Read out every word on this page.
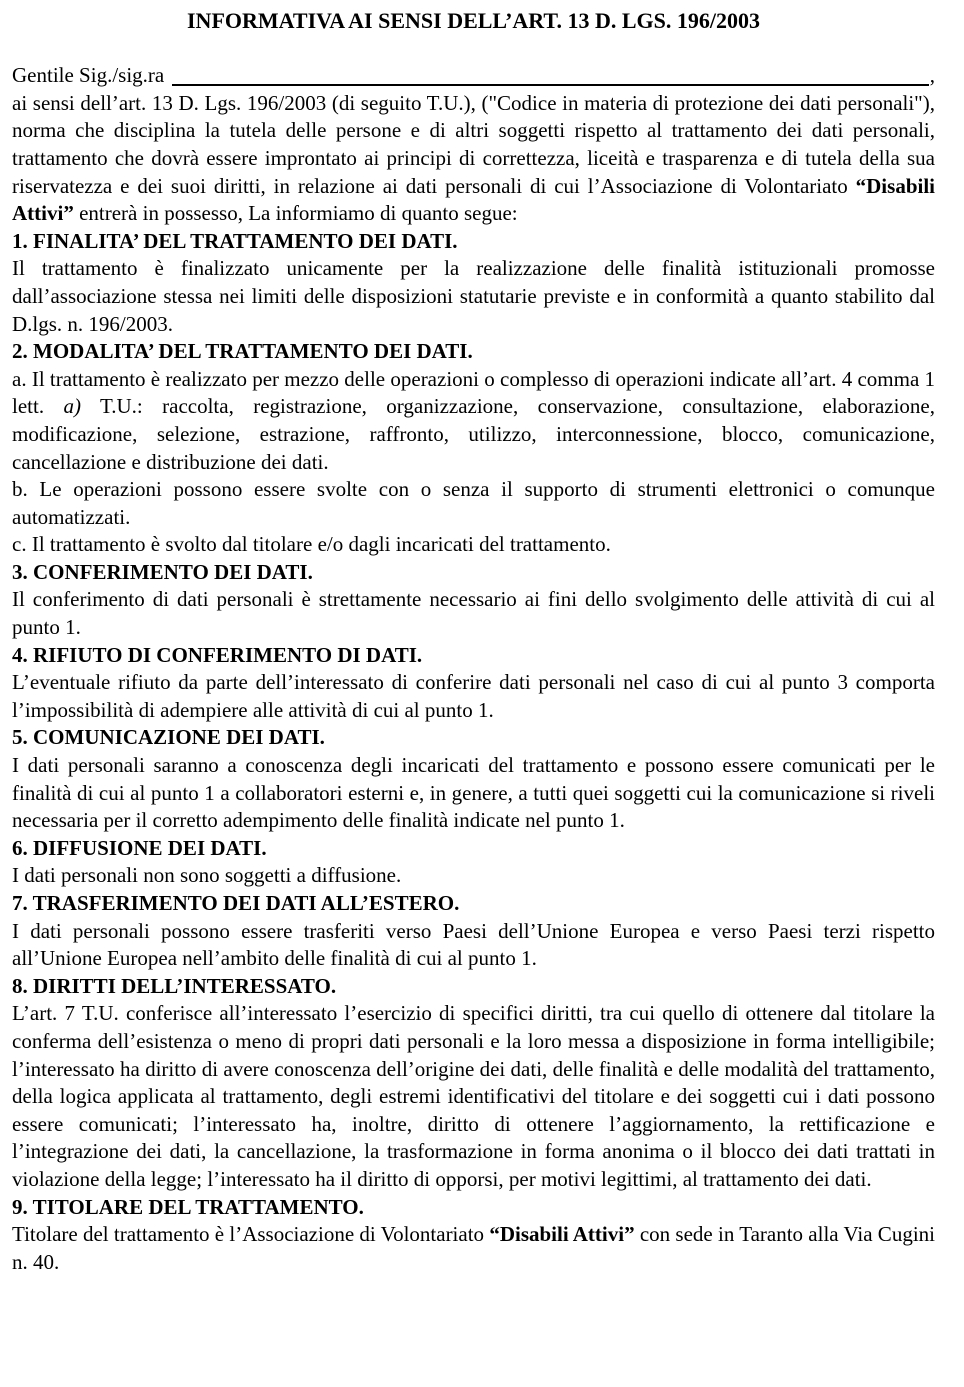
INFORMATIVA AI SENSI DELL’ART. 13 D. LGS. 196/2003

Gentile Sig./sig.ra	,

ai sensi dell’art. 13 D. Lgs. 196/2003 (di seguito T.U.), ("Codice in materia di protezione dei dati personali"), norma che disciplina la tutela delle persone e di altri soggetti rispetto al trattamento dei dati personali, trattamento che dovrà essere improntato ai principi di correttezza, liceità e trasparenza e di tutela della sua riservatezza e dei suoi diritti, in relazione ai dati personali di cui l’Associazione di Volontariato “Disabili Attivi” entrerà in possesso, La informiamo di quanto segue:

1. FINALITA’ DEL TRATTAMENTO DEI DATI.

Il trattamento è finalizzato unicamente per la realizzazione delle finalità istituzionali promosse dall’associazione stessa nei limiti delle disposizioni statutarie previste e in conformità a quanto stabilito dal D.lgs. n. 196/2003.

2. MODALITA’ DEL TRATTAMENTO DEI DATI.

a. Il trattamento è realizzato per mezzo delle operazioni o complesso di operazioni indicate all’art. 4 comma 1 lett. a) T.U.: raccolta, registrazione, organizzazione, conservazione, consultazione, elaborazione, modificazione, selezione, estrazione, raffronto, utilizzo, interconnessione, blocco, comunicazione, cancellazione e distribuzione dei dati.

b. Le operazioni possono essere svolte con o senza il supporto di strumenti elettronici o comunque automatizzati.

c. Il trattamento è svolto dal titolare e/o dagli incaricati del trattamento.

3. CONFERIMENTO DEI DATI.

Il conferimento di dati personali è strettamente necessario ai fini dello svolgimento delle attività di cui al punto 1.

4. RIFIUTO DI CONFERIMENTO DI DATI.

L’eventuale rifiuto da parte dell’interessato di conferire dati personali nel caso di cui al punto 3 comporta l’impossibilità di adempiere alle attività di cui al punto 1.

5. COMUNICAZIONE DEI DATI.

I dati personali saranno a conoscenza degli incaricati del trattamento e possono essere comunicati per le finalità di cui al punto 1 a collaboratori esterni e, in genere, a tutti quei soggetti cui la comunicazione si riveli necessaria per il corretto adempimento delle finalità indicate nel punto 1.

6. DIFFUSIONE DEI DATI.

I dati personali non sono soggetti a diffusione.

7. TRASFERIMENTO DEI DATI ALL’ESTERO.

I dati personali possono essere trasferiti verso Paesi dell’Unione Europea e verso Paesi terzi rispetto all’Unione Europea nell’ambito delle finalità di cui al punto 1.

8. DIRITTI DELL’INTERESSATO.

L’art. 7 T.U. conferisce all’interessato l’esercizio di specifici diritti, tra cui quello di ottenere dal titolare la conferma dell’esistenza o meno di propri dati personali e la loro messa a disposizione in forma intelligibile; l’interessato ha diritto di avere conoscenza dell’origine dei dati, delle finalità e delle modalità del trattamento, della logica applicata al trattamento, degli estremi identificativi del titolare e dei soggetti cui i dati possono essere comunicati; l’interessato ha, inoltre, diritto di ottenere l’aggiornamento, la rettificazione e l’integrazione dei dati, la cancellazione, la trasformazione in forma anonima o il blocco dei dati trattati in violazione della legge; l’interessato ha il diritto di opporsi, per motivi legittimi, al trattamento dei dati.

9. TITOLARE DEL TRATTAMENTO.

Titolare del trattamento è l’Associazione di Volontariato “Disabili Attivi” con sede in Taranto alla Via Cugini n. 40.
